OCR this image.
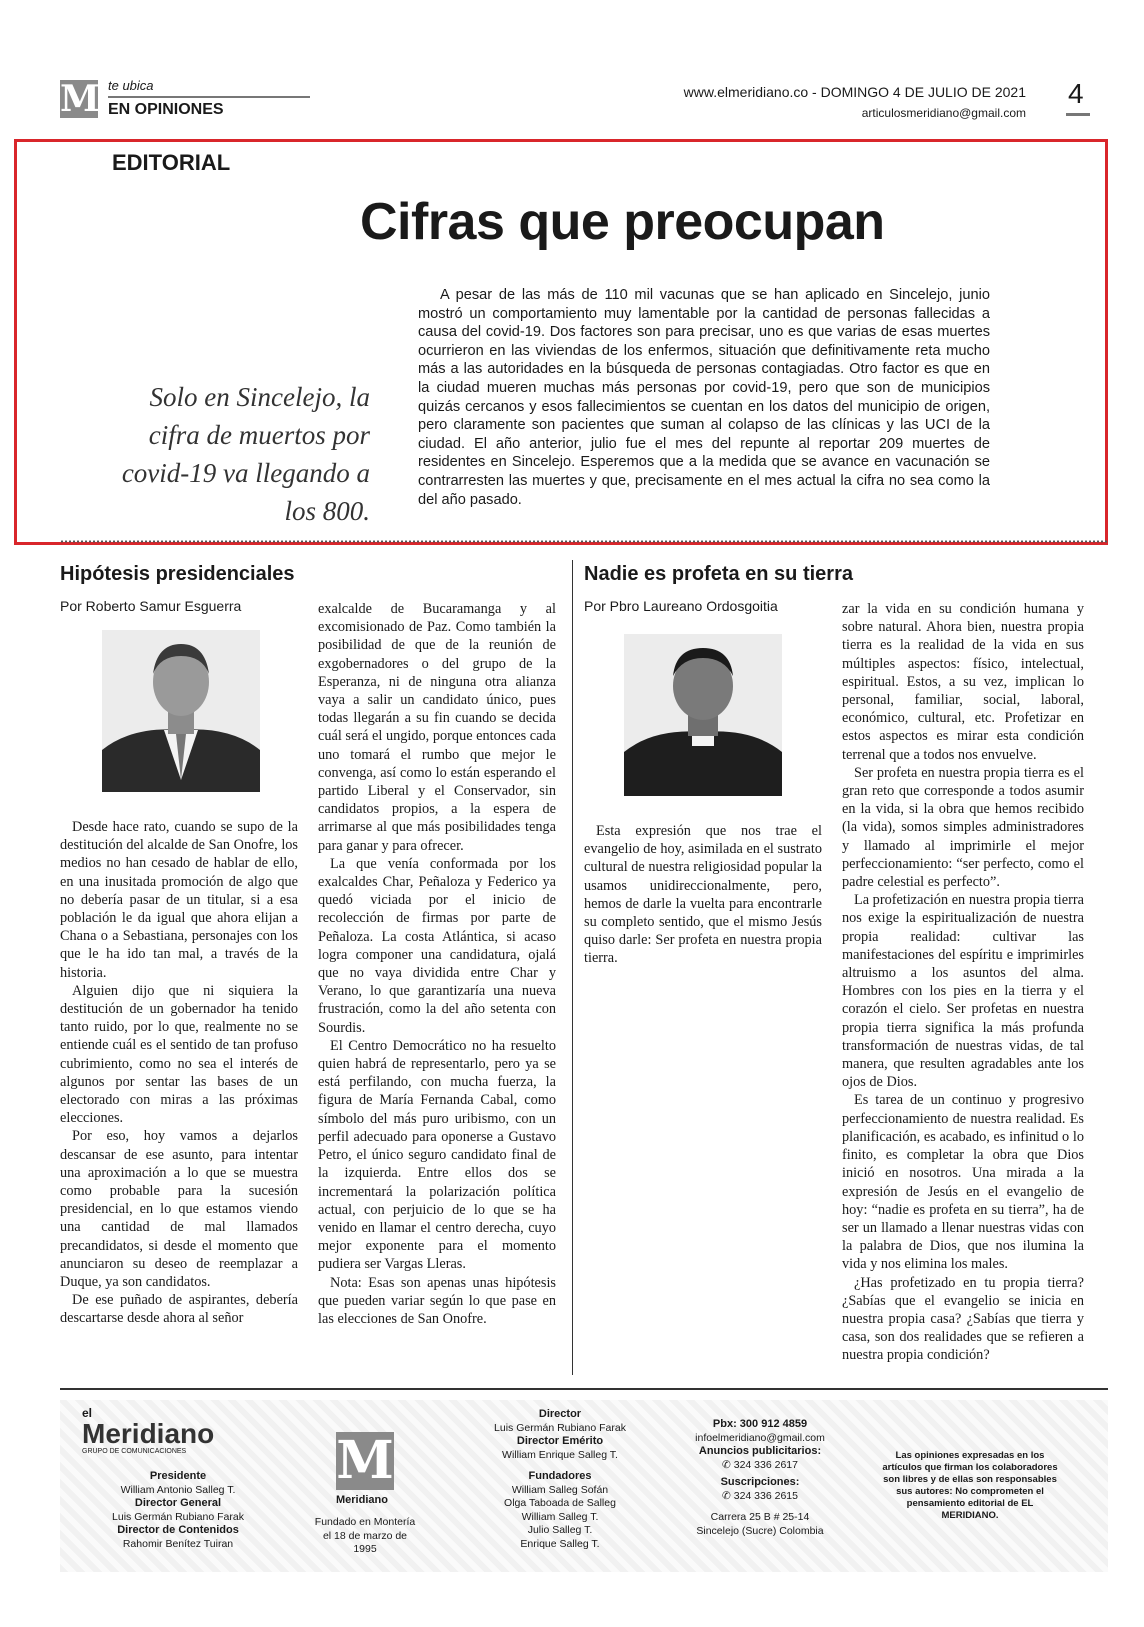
M te ubica
EN OPINIONES
www.elmeridiano.co - DOMINGO 4 DE JULIO DE 2021
articulosmeridiano@gmail.com
4
EDITORIAL
Cifras que preocupan
Solo en Sincelejo, la cifra de muertos por covid-19 va llegando a los 800.
A pesar de las más de 110 mil vacunas que se han aplicado en Sincelejo, junio mostró un comportamiento muy lamentable por la cantidad de personas fallecidas a causa del covid-19. Dos factores son para precisar, uno es que varias de esas muertes ocurrieron en las viviendas de los enfermos, situación que definitivamente reta mucho más a las autoridades en la búsqueda de personas contagiadas. Otro factor es que en la ciudad mueren muchas más personas por covid-19, pero que son de municipios quizás cercanos y esos fallecimientos se cuentan en los datos del municipio de origen, pero claramente son pacientes que suman al colapso de las clínicas y las UCI de la ciudad. El año anterior, julio fue el mes del repunte al reportar 209 muertes de residentes en Sincelejo. Esperemos que a la medida que se avance en vacunación se contrarresten las muertes y que, precisamente en el mes actual la cifra no sea como la del año pasado.
Hipótesis presidenciales
Por Roberto Samur Esguerra

Desde hace rato, cuando se supo de la destitución del alcalde de San Onofre, los medios no han cesado de hablar de ello, en una inusitada promoción de algo que no debería pasar de un titular, si a esa población le da igual que ahora elijan a Chana o a Sebastiana, personajes con los que le ha ido tan mal, a través de la historia.

Alguien dijo que ni siquiera la destitución de un gobernador ha tenido tanto ruido, por lo que, realmente no se entiende cuál es el sentido de tan profuso cubrimiento, como no sea el interés de algunos por sentar las bases de un electorado con miras a las próximas elecciones.

Por eso, hoy vamos a dejarlos descansar de ese asunto, para intentar una aproximación a lo que se muestra como probable para la sucesión presidencial, en lo que estamos viendo una cantidad de mal llamados precandidatos, si desde el momento que anunciaron su deseo de reemplazar a Duque, ya son candidatos.

De ese puñado de aspirantes, debería descartarse desde ahora al señor

exalcalde de Bucaramanga y al excomisionado de Paz. Como también la posibilidad de que de la reunión de exgobernadores o del grupo de la Esperanza, ni de ninguna otra alianza vaya a salir un candidato único, pues todas llegarán a su fin cuando se decida cuál será el ungido, porque entonces cada uno tomará el rumbo que mejor le convenga, así como lo están esperando el partido Liberal y el Conservador, sin candidatos propios, a la espera de arrimarse al que más posibilidades tenga para ganar y para ofrecer.

La que venía conformada por los exalcaldes Char, Peñaloza y Federico ya quedó viciada por el inicio de recolección de firmas por parte de Peñaloza. La costa Atlántica, si acaso logra componer una candidatura, ojalá que no vaya dividida entre Char y Verano, lo que garantizaría una nueva frustración, como la del año setenta con Sourdis.

El Centro Democrático no ha resuelto quien habrá de representarlo, pero ya se está perfilando, con mucha fuerza, la figura de María Fernanda Cabal, como símbolo del más puro uribismo, con un perfil adecuado para oponerse a Gustavo Petro, el único seguro candidato final de la izquierda. Entre ellos dos se incrementará la polarización política actual, con perjuicio de lo que se ha venido en llamar el centro derecha, cuyo mejor exponente para el momento pudiera ser Vargas Lleras.

Nota: Esas son apenas unas hipótesis que pueden variar según lo que pase en las elecciones de San Onofre.

Nadie es profeta en su tierra
Por Pbro Laureano Ordosgoitia

Esta expresión que nos trae el evangelio de hoy, asimilada en el sustrato cultural de nuestra religiosidad popular la usamos unidireccionalmente, pero, hemos de darle la vuelta para encontrarle su completo sentido, que el mismo Jesús quiso darle: Ser profeta en nuestra propia tierra.

zar la vida en su condición humana y sobre natural. Ahora bien, nuestra propia tierra es la realidad de la vida en sus múltiples aspectos: físico, intelectual, espiritual. Estos, a su vez, implican lo personal, familiar, social, laboral, económico, cultural, etc. Profetizar en estos aspectos es mirar esta condición terrenal que a todos nos envuelve.

Ser profeta en nuestra propia tierra es el gran reto que corresponde a todos asumir en la vida, si la obra que hemos recibido (la vida), somos simples administradores y llamado al imprimirle el mejor perfeccionamiento: “ser perfecto, como el padre celestial es perfecto”.

La profetización en nuestra propia tierra nos exige la espiritualización de nuestra propia realidad: cultivar las manifestaciones del espíritu e imprimirles altruismo a los asuntos del alma. Hombres con los pies en la tierra y el corazón el cielo. Ser profetas en nuestra propia tierra significa la más profunda transformación de nuestras vidas, de tal manera, que resulten agradables ante los ojos de Dios.

Es tarea de un continuo y progresivo perfeccionamiento de nuestra realidad. Es planificación, es acabado, es infinitud o lo finito, es completar la obra que Dios inició en nosotros. Una mirada a la expresión de Jesús en el evangelio de hoy: “nadie es profeta en su tierra”, ha de ser un llamado a llenar nuestras vidas con la palabra de Dios, que nos ilumina la vida y nos elimina los males.

¿Has profetizado en tu propia tierra? ¿Sabías que el evangelio se inicia en nuestra propia casa? ¿Sabías que tierra y casa, son dos realidades que se refieren a nuestra propia condición?

el
Meridiano
GRUPO DE COMUNICACIONES
Presidente
William Antonio Salleg T.
Director General
Luis Germán Rubiano Farak
Director de Contenidos
Rahomir Benítez Tuiran
M
Meridiano
Fundado en Montería el 18 de marzo de 1995
Director
Luis Germán Rubiano Farak
Director Emérito
William Enrique Salleg T.
Fundadores
William Salleg Sofán
Olga Taboada de Salleg
William Salleg T.
Julio Salleg T.
Enrique Salleg T.
Pbx: 300 912 4859
infoelmeridiano@gmail.com
Anuncios publicitarios:
✆ 324 336 2617
Suscripciones:
✆ 324 336 2615
Carrera 25 B # 25-14
Sincelejo (Sucre) Colombia
Las opiniones expresadas en los artículos que firman los colaboradores son libres y de ellas son responsables sus autores: No comprometen el pensamiento editorial de EL MERIDIANO.
